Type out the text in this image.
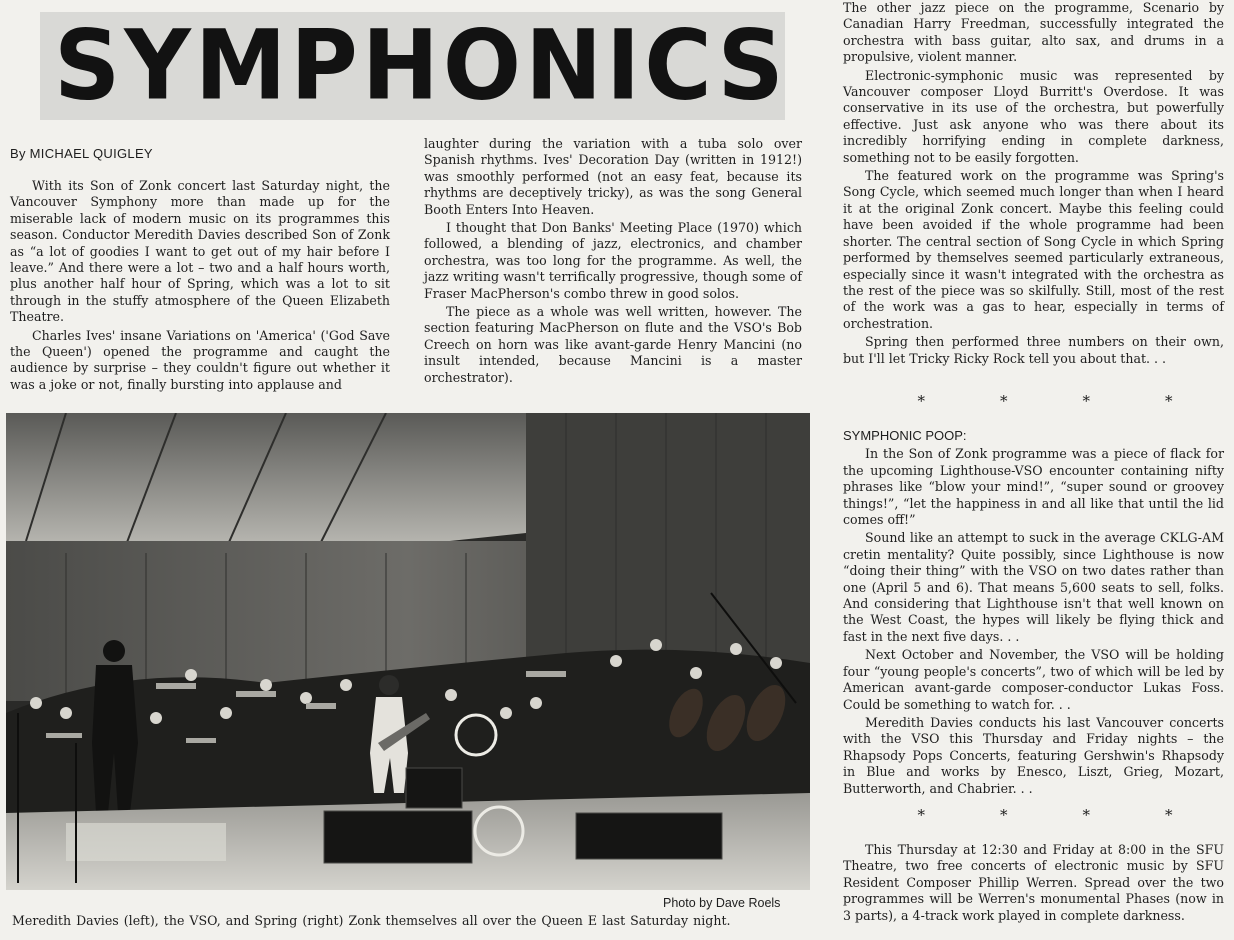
SYMPHONICS
By MICHAEL QUIGLEY

With its Son of Zonk concert last Saturday night, the Vancouver Symphony more than made up for the miserable lack of modern music on its programmes this season. Conductor Meredith Davies described Son of Zonk as “a lot of goodies I want to get out of my hair before I leave.” And there were a lot – two and a half hours worth, plus another half hour of Spring, which was a lot to sit through in the stuffy atmosphere of the Queen Elizabeth Theatre.

Charles Ives' insane Variations on 'America' ('God Save the Queen') opened the programme and caught the audience by surprise – they couldn't figure out whether it was a joke or not, finally bursting into applause and

laughter during the variation with a tuba solo over Spanish rhythms. Ives' Decoration Day (written in 1912!) was smoothly performed (not an easy feat, because its rhythms are deceptively tricky), as was the song General Booth Enters Into Heaven.

I thought that Don Banks' Meeting Place (1970) which followed, a blending of jazz, electronics, and chamber orchestra, was too long for the programme. As well, the jazz writing wasn't terrifically progressive, though some of Fraser MacPherson's combo threw in good solos.

The piece as a whole was well written, however. The section featuring MacPherson on flute and the VSO's Bob Creech on horn was like avant-garde Henry Mancini (no insult intended, because Mancini is a master orchestrator).

The other jazz piece on the programme, Scenario by Canadian Harry Freedman, successfully integrated the orchestra with bass guitar, alto sax, and drums in a propulsive, violent manner.

Electronic-symphonic music was represented by Vancouver composer Lloyd Burritt's Overdose. It was conservative in its use of the orchestra, but powerfully effective. Just ask anyone who was there about its incredibly horrifying ending in complete darkness, something not to be easily forgotten.

The featured work on the programme was Spring's Song Cycle, which seemed much longer than when I heard it at the original Zonk concert. Maybe this feeling could have been avoided if the whole programme had been shorter. The central section of Song Cycle in which Spring performed by themselves seemed particularly extraneous, especially since it wasn't integrated with the orchestra as the rest of the piece was so skilfully. Still, most of the rest of the work was a gas to hear, especially in terms of orchestration.

Spring then performed three numbers on their own, but I'll let Tricky Ricky Rock tell you about that. . .

*	*	*	*

SYMPHONIC POOP:

In the Son of Zonk programme was a piece of flack for the upcoming Lighthouse-VSO encounter containing nifty phrases like “blow your mind!”, “super sound or groovey things!”, “let the happiness in and all like that until the lid comes off!”

Sound like an attempt to suck in the average CKLG-AM cretin mentality? Quite possibly, since Lighthouse is now “doing their thing” with the VSO on two dates rather than one (April 5 and 6). That means 5,600 seats to sell, folks. And considering that Lighthouse isn't that well known on the West Coast, the hypes will likely be flying thick and fast in the next five days. . .

Next October and November, the VSO will be holding four “young people's concerts”, two of which will be led by American avant-garde composer-conductor Lukas Foss. Could be something to watch for. . .

Meredith Davies conducts his last Vancouver concerts with the VSO this Thursday and Friday nights – the Rhapsody Pops Concerts, featuring Gershwin's Rhapsody in Blue and works by Enesco, Liszt, Grieg, Mozart, Butterworth, and Chabrier. . .

*	*	*	*

This Thursday at 12:30 and Friday at 8:00 in the SFU Theatre, two free concerts of electronic music by SFU Resident Composer Phillip Werren. Spread over the two programmes will be Werren's monumental Phases (now in 3 parts), a 4-track work played in complete darkness.

Photo by Dave Roels
Meredith Davies (left), the VSO, and Spring (right) Zonk themselves all over the Queen E last Saturday night.
